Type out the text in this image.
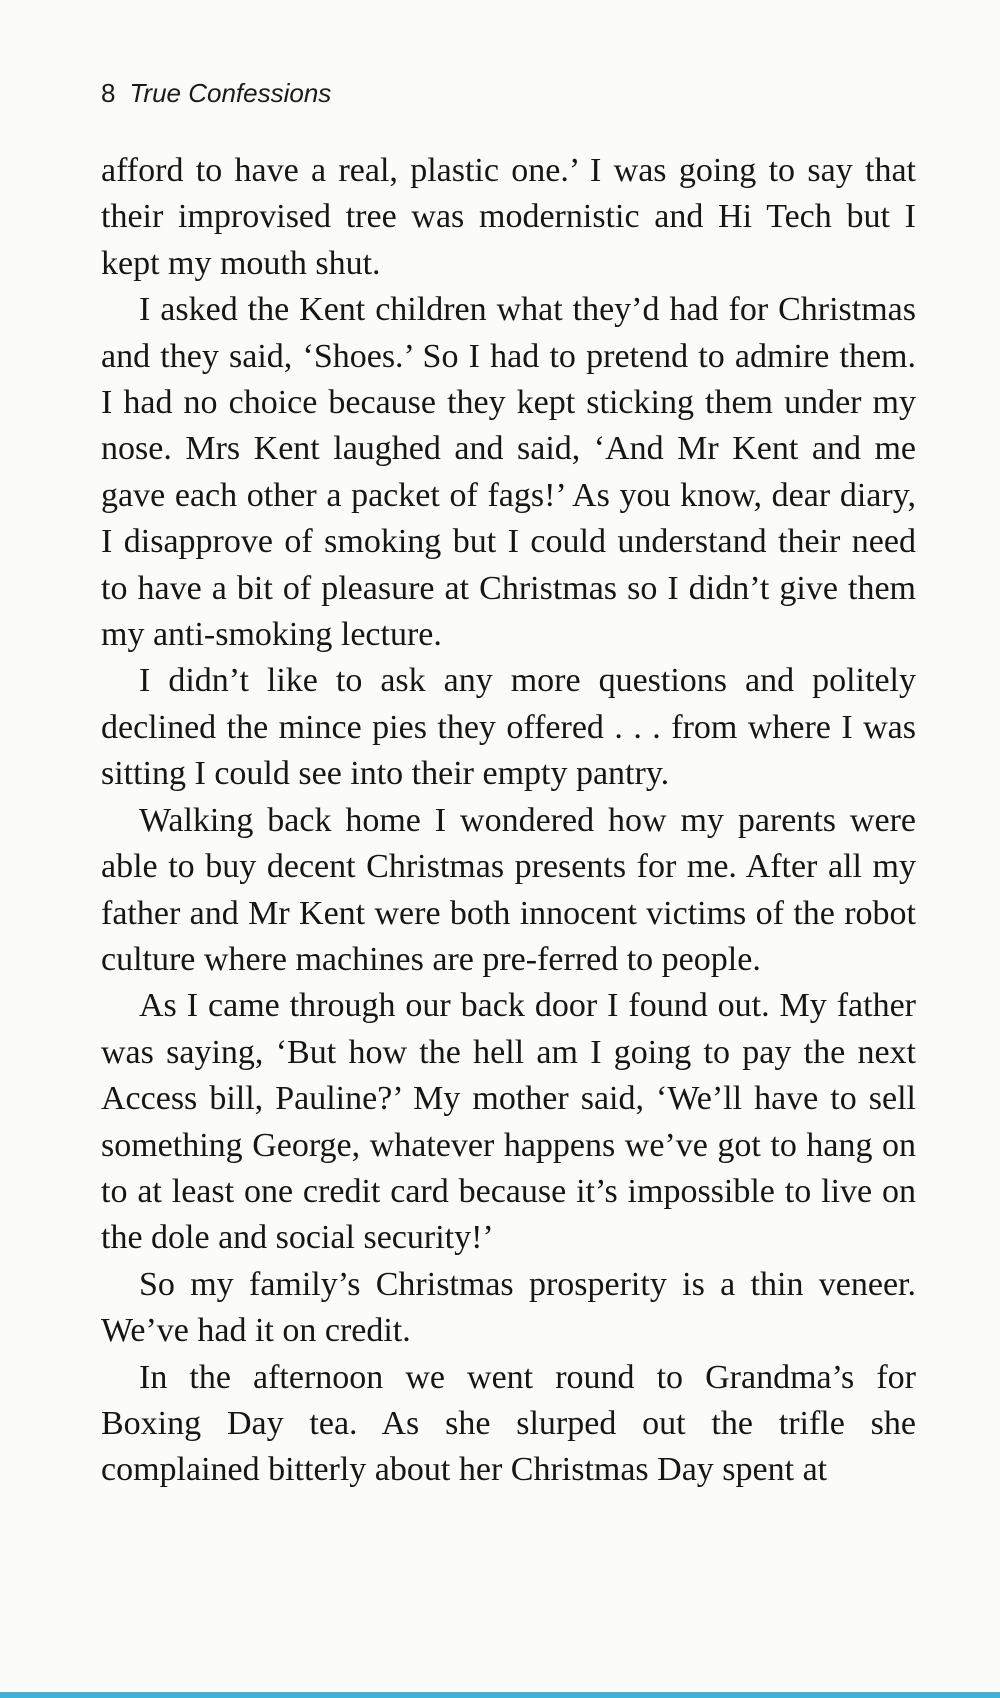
8 True Confessions

afford to have a real, plastic one.’ I was going to say that their improvised tree was modernistic and Hi Tech but I kept my mouth shut.

I asked the Kent children what they’d had for Christmas and they said, ‘Shoes.’ So I had to pretend to admire them. I had no choice because they kept sticking them under my nose. Mrs Kent laughed and said, ‘And Mr Kent and me gave each other a packet of fags!’ As you know, dear diary, I disapprove of smoking but I could understand their need to have a bit of pleasure at Christmas so I didn’t give them my anti-smoking lecture.

I didn’t like to ask any more questions and politely declined the mince pies they offered . . . from where I was sitting I could see into their empty pantry.

Walking back home I wondered how my parents were able to buy decent Christmas presents for me. After all my father and Mr Kent were both innocent victims of the robot culture where machines are pre-ferred to people.

As I came through our back door I found out. My father was saying, ‘But how the hell am I going to pay the next Access bill, Pauline?’ My mother said, ‘We’ll have to sell something George, whatever happens we’ve got to hang on to at least one credit card because it’s impossible to live on the dole and social security!’

So my family’s Christmas prosperity is a thin veneer. We’ve had it on credit.

In the afternoon we went round to Grandma’s for Boxing Day tea. As she slurped out the trifle she complained bitterly about her Christmas Day spent at
